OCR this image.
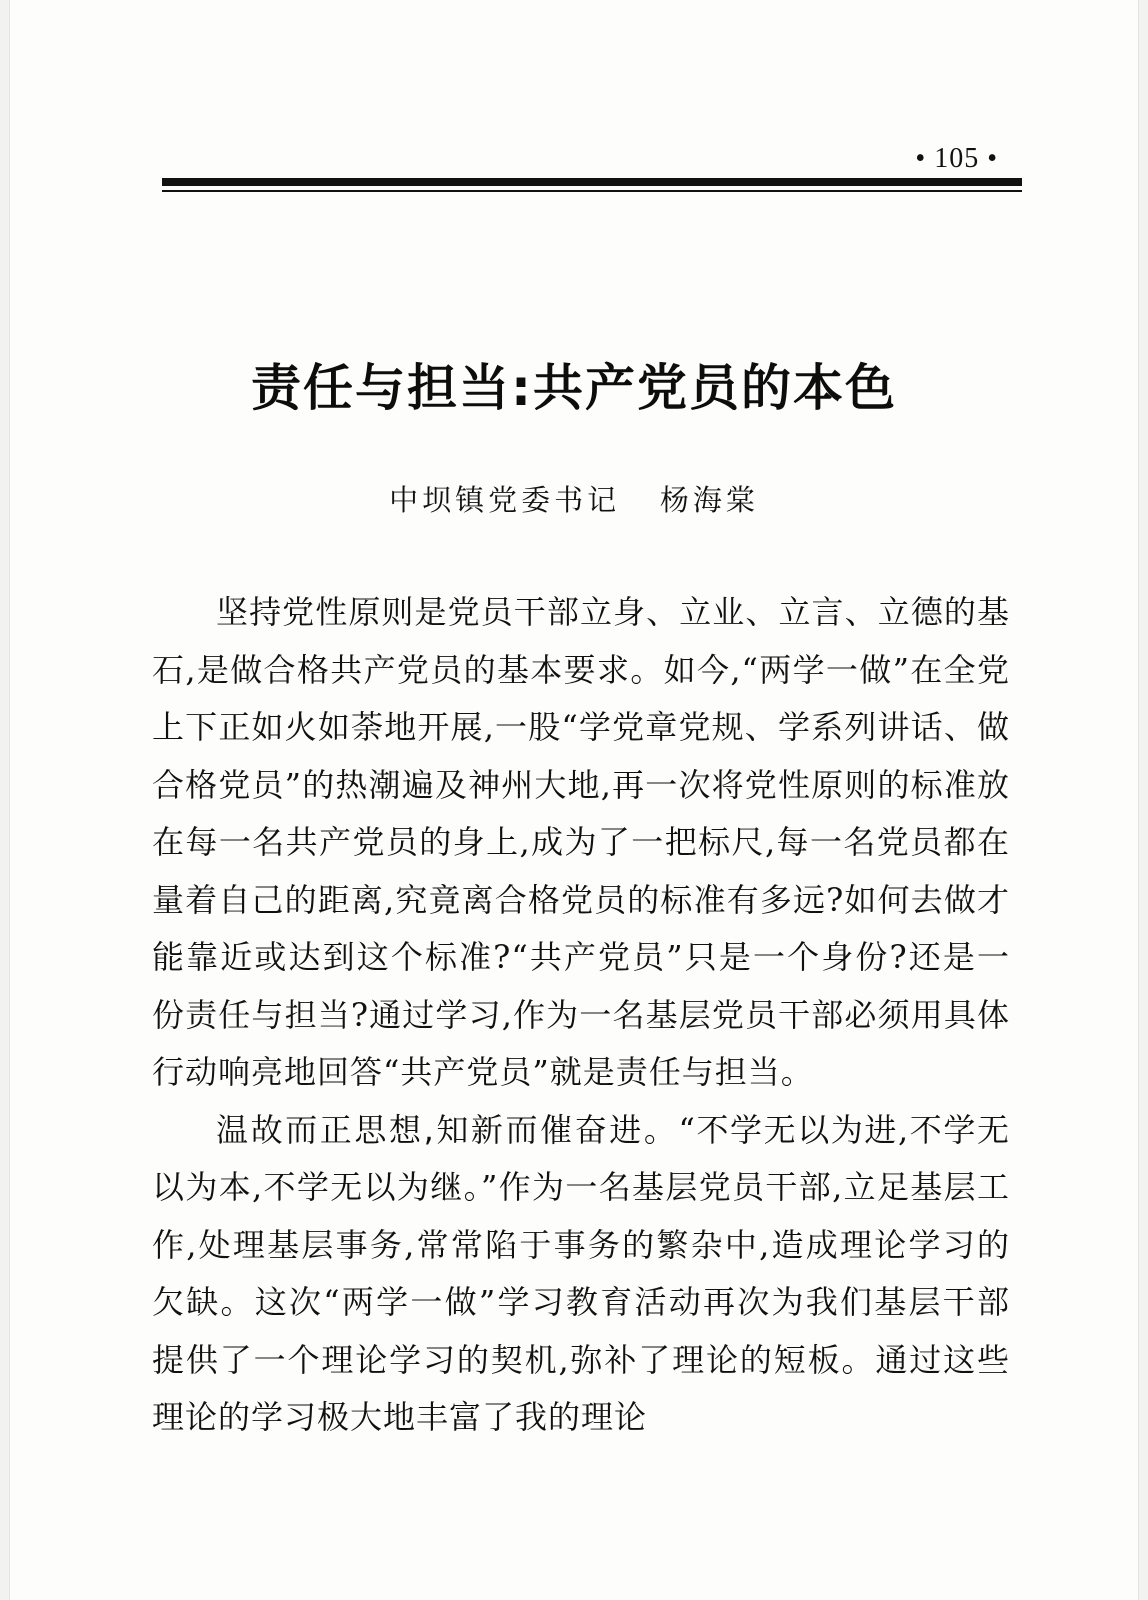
• 105 •
责任与担当:共产党员的本色
中坝镇党委书记   杨海棠

坚持党性原则是党员干部立身、立业、立言、立德的基石,是做合格共产党员的基本要求。如今,“两学一做”在全党上下正如火如荼地开展,一股“学党章党规、学系列讲话、做合格党员”的热潮遍及神州大地,再一次将党性原则的标准放在每一名共产党员的身上,成为了一把标尺,每一名党员都在量着自己的距离,究竟离合格党员的标准有多远?如何去做才能靠近或达到这个标准?“共产党员”只是一个身份?还是一份责任与担当?通过学习,作为一名基层党员干部必须用具体行动响亮地回答“共产党员”就是责任与担当。

温故而正思想,知新而催奋进。“不学无以为进,不学无以为本,不学无以为继。”作为一名基层党员干部,立足基层工作,处理基层事务,常常陷于事务的繁杂中,造成理论学习的欠缺。这次“两学一做”学习教育活动再次为我们基层干部提供了一个理论学习的契机,弥补了理论的短板。通过这些理论的学习极大地丰富了我的理论
